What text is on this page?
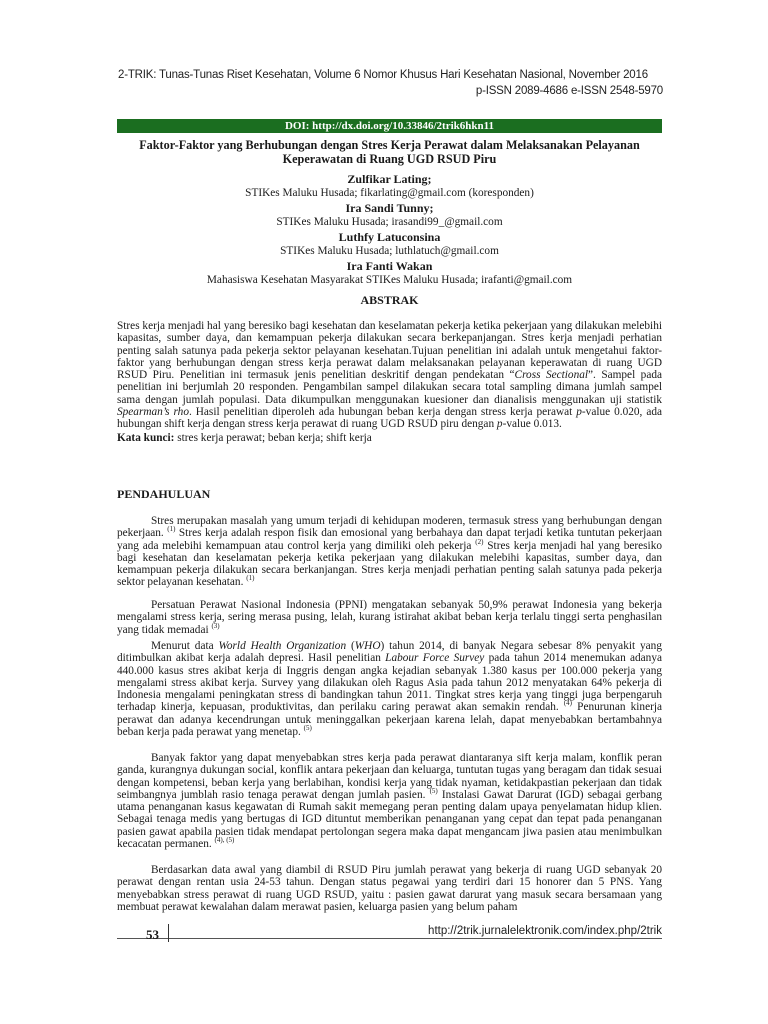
2-TRIK: Tunas-Tunas Riset Kesehatan, Volume 6 Nomor Khusus Hari Kesehatan Nasional, November 2016
p-ISSN 2089-4686 e-ISSN 2548-5970
DOI: http://dx.doi.org/10.33846/2trik6hkn11
Faktor-Faktor yang Berhubungan dengan Stres Kerja Perawat dalam Melaksanakan Pelayanan
Keperawatan di Ruang UGD RSUD Piru
Zulfikar Lating;
STIKes Maluku Husada; fikarlating@gmail.com (koresponden)
Ira Sandi Tunny;
STIKes Maluku Husada; irasandi99_@gmail.com
Luthfy Latuconsina
STIKes Maluku Husada; luthlatuch@gmail.com
Ira Fanti Wakan
Mahasiswa Kesehatan Masyarakat STIKes Maluku Husada; irafanti@gmail.com
ABSTRAK

Stres kerja menjadi hal yang beresiko bagi kesehatan dan keselamatan pekerja ketika pekerjaan yang dilakukan melebihi kapasitas, sumber daya, dan kemampuan pekerja dilakukan secara berkepanjangan. Stres kerja menjadi perhatian penting salah satunya pada pekerja sektor pelayanan kesehatan.Tujuan penelitian ini adalah untuk mengetahui faktor-faktor yang berhubungan dengan stress kerja perawat dalam melaksanakan pelayanan keperawatan di ruang UGD RSUD Piru. Penelitian ini termasuk jenis penelitian deskritif dengan pendekatan “Cross Sectional”. Sampel pada penelitian ini berjumlah 20 responden. Pengambilan sampel dilakukan secara total sampling dimana jumlah sampel sama dengan jumlah populasi. Data dikumpulkan menggunakan kuesioner dan dianalisis menggunakan uji statistik Spearman’s rho. Hasil penelitian diperoleh ada hubungan beban kerja dengan stress kerja perawat p-value 0.020, ada hubungan shift kerja dengan stress kerja perawat di ruang UGD RSUD piru dengan p-value 0.013.

Kata kunci: stres kerja perawat; beban kerja; shift kerja
PENDAHULUAN

Stres merupakan masalah yang umum terjadi di kehidupan moderen, termasuk stress yang berhubungan dengan pekerjaan. $^{(1)}$ Stres kerja adalah respon fisik dan emosional yang berbahaya dan dapat terjadi ketika tuntutan pekerjaan yang ada melebihi kemampuan atau control kerja yang dimiliki oleh pekerja $^{(2)}$ Stres kerja menjadi hal yang beresiko bagi kesehatan dan keselamatan pekerja ketika pekerjaan yang dilakukan melebihi kapasitas, sumber daya, dan kemampuan pekerja dilakukan secara berkanjangan. Stres kerja menjadi perhatian penting salah satunya pada pekerja sektor pelayanan kesehatan. $^{(1)}$

Persatuan Perawat Nasional Indonesia (PPNI) mengatakan sebanyak 50,9% perawat Indonesia yang bekerja mengalami stress kerja, sering merasa pusing, lelah, kurang istirahat akibat beban kerja terlalu tinggi serta penghasilan yang tidak memadai $^{(3)}$

Menurut data World Health Organization (WHO) tahun 2014, di banyak Negara sebesar 8% penyakit yang ditimbulkan akibat kerja adalah depresi. Hasil penelitian Labour Force Survey pada tahun 2014 menemukan adanya 440.000 kasus stres akibat kerja di Inggris dengan angka kejadian sebanyak 1.380 kasus per 100.000 pekerja yang mengalami stress akibat kerja. Survey yang dilakukan oleh Ragus Asia pada tahun 2012 menyatakan 64% pekerja di Indonesia mengalami peningkatan stress di bandingkan tahun 2011. Tingkat stres kerja yang tinggi juga berpengaruh terhadap kinerja, kepuasan, produktivitas, dan perilaku caring perawat akan semakin rendah. $^{(4)}$ Penurunan kinerja perawat dan adanya kecendrungan untuk meninggalkan pekerjaan karena lelah, dapat menyebabkan bertambahnya beban kerja pada perawat yang menetap. $^{(5)}$

Banyak faktor yang dapat menyebabkan stres kerja pada perawat diantaranya sift kerja malam, konflik peran ganda, kurangnya dukungan social, konflik antara pekerjaan dan keluarga, tuntutan tugas yang beragam dan tidak sesuai dengan kompetensi, beban kerja yang berlabihan, kondisi kerja yang tidak nyaman, ketidakpastian pekerjaan dan tidak seimbangnya jumblah rasio tenaga perawat dengan jumlah pasien. $^{(5)}$ Instalasi Gawat Darurat (IGD) sebagai gerbang utama penanganan kasus kegawatan di Rumah sakit memegang peran penting dalam upaya penyelamatan hidup klien. Sebagai tenaga medis yang bertugas di IGD dituntut memberikan penanganan yang cepat dan tepat pada penanganan pasien gawat apabila pasien tidak mendapat pertolongan segera maka dapat mengancam jiwa pasien atau menimbulkan kecacatan permanen. $^{(4), (5)}$

Berdasarkan data awal yang diambil di RSUD Piru jumlah perawat yang bekerja di ruang UGD sebanyak 20 perawat dengan rentan usia 24-53 tahun. Dengan status pegawai yang terdiri dari 15 honorer dan 5 PNS. Yang menyebabkan stress perawat di ruang UGD RSUD, yaitu : pasien gawat darurat yang masuk secara bersamaan yang membuat perawat kewalahan dalam merawat pasien, keluarga pasien yang belum paham

53	http://2trik.jurnalelektronik.com/index.php/2trik
